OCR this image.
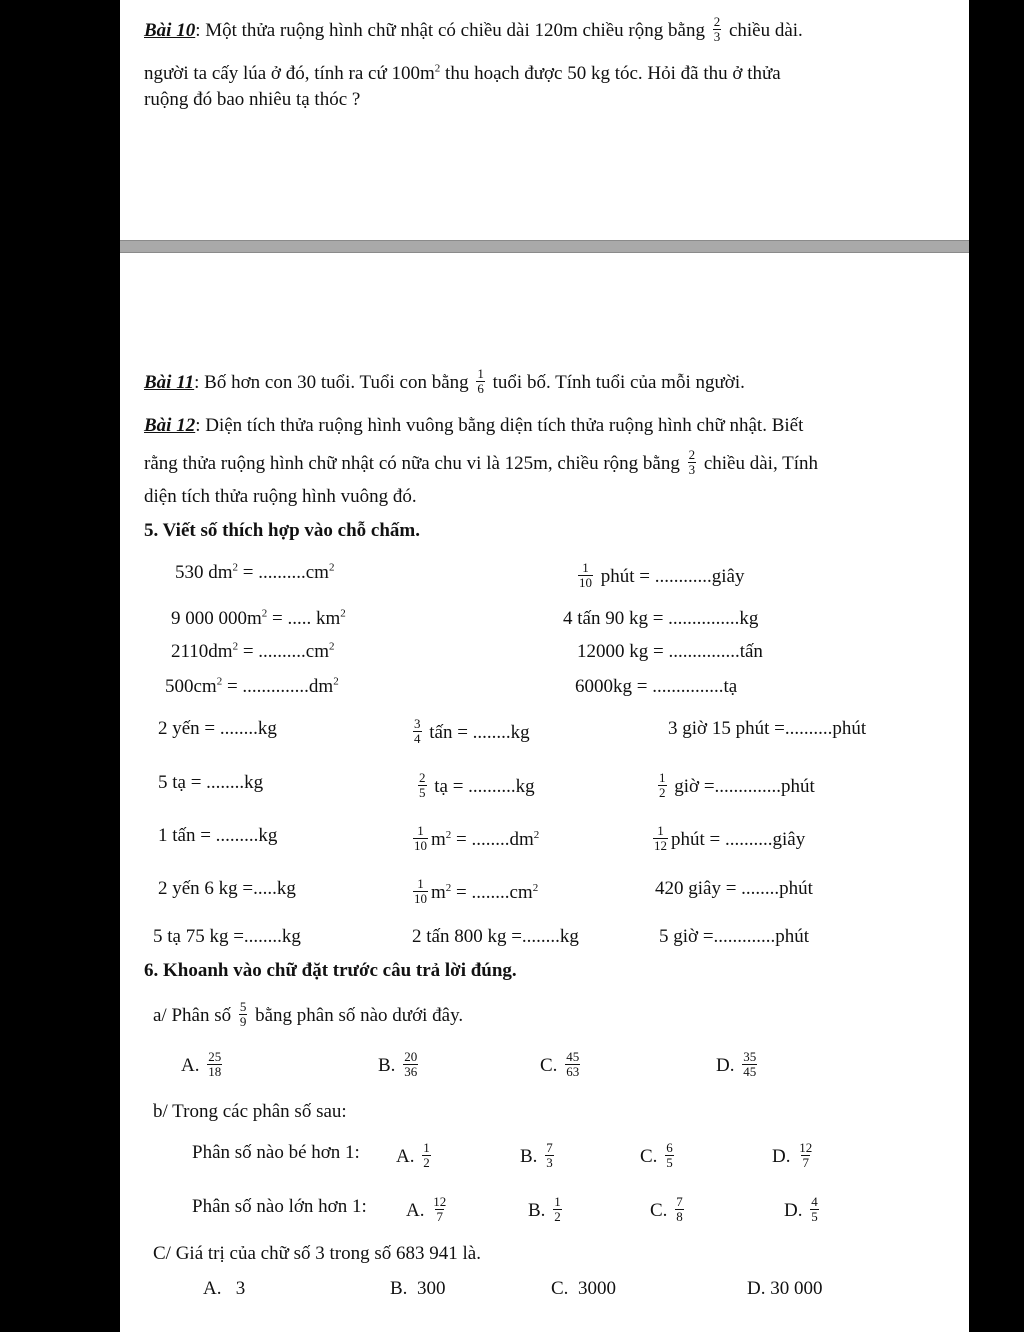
Bài 10: Một thửa ruộng hình chữ nhật có chiều dài 120m chiều rộng bằng $\frac{2}{3}$ chiều dài.
người ta cấy lúa ở đó, tính ra cứ $100m^2$ thu hoạch được 50 kg tóc. Hỏi đã thu ở thửa
ruộng đó bao nhiêu tạ thóc ?
Bài 11: Bố hơn con 30 tuổi. Tuổi con bằng $\frac{1}{6}$ tuổi bố. Tính tuổi của mỗi người.
Bài 12: Diện tích thửa ruộng hình vuông bằng diện tích thửa ruộng hình chữ nhật. Biết
rằng thửa ruộng hình chữ nhật có nữa chu vi là 125m, chiều rộng bằng $\frac{2}{3}$ chiều dài, Tính
diện tích thửa ruộng hình vuông đó.
5. Viết số thích hợp vào chỗ chấm.
530 $dm^2 = ..........cm^2$	$\frac{1}{10}$ phút = ............giây
9 000 $000m^2$ = ..... $km^2$	4 tấn 90 kg = ...............kg
$2110dm^2 = ..........cm^2$	12000 kg = ...............tấn
$500cm^2 = ..............dm^2$	6000kg = ...............tạ
2 yến = ........kg	$\frac{3}{4}$ tấn = ........kg	3 giờ 15 phút =..........phút
5 tạ = ........kg	$\frac{2}{5}$ tạ = ..........kg	$\frac{1}{2}$ giờ =..............phút
1 tấn = .........kg	$\frac{1}{10} m^2 = ........dm^2$	$\frac{1}{12}$ phút = ..........giây
2 yến 6 kg =.....kg	$\frac{1}{10} m^2 = ........cm^2$	420 giây = ........phút
5 tạ 75 kg =........kg	2 tấn 800 kg =........kg	5 giờ =.............phút
6. Khoanh vào chữ đặt trước câu trả lời đúng.
a/ Phân số $\frac{5}{9}$ bằng phân số nào dưới đây.
A. $\frac{25}{18}$	B. $\frac{20}{36}$	C. $\frac{45}{63}$	D. $\frac{35}{45}$
b/ Trong các phân số sau:
Phân số nào bé hơn 1: A. $\frac{1}{2}$	B. $\frac{7}{3}$	C. $\frac{6}{5}$	D. $\frac{12}{7}$
Phân số nào lớn hơn 1: A. $\frac{12}{7}$	B. $\frac{1}{2}$	C. $\frac{7}{8}$	D. $\frac{4}{5}$
C/ Giá trị của chữ số 3 trong số 683 941 là.
A. 3	B. 300	C. 3000	D. 30 000
